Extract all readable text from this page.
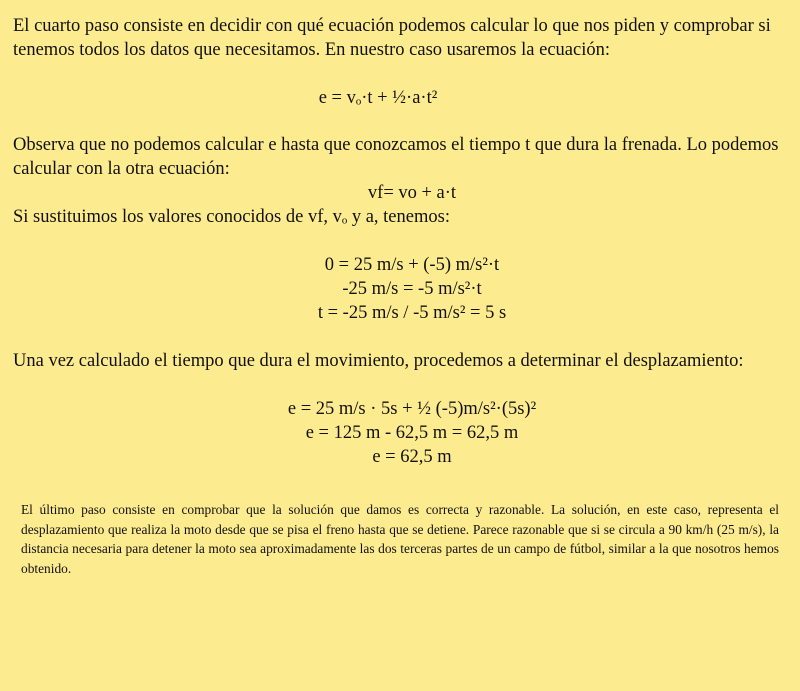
El cuarto paso consiste en decidir con qué ecuación podemos calcular lo que nos piden y comprobar si tenemos todos los datos que necesitamos. En nuestro caso usaremos la ecuación:

e = vₒ·t + ½·a·t²

Observa que no podemos calcular e hasta que conozcamos el tiempo t que dura la frenada. Lo podemos calcular con la otra ecuación:

vf= vo + a·t

Si sustituimos los valores conocidos de vf, vₒ y a, tenemos:

0 = 25 m/s + (-5) m/s²·t

-25 m/s = -5 m/s²·t

t = -25 m/s / -5 m/s² = 5 s

Una vez calculado el tiempo que dura el movimiento, procedemos a determinar el desplazamiento:

e = 25 m/s · 5s + ½ (-5)m/s²·(5s)²

e = 125 m - 62,5 m = 62,5 m

e = 62,5 m

El último paso consiste en comprobar que la solución que damos es correcta y razonable. La solución, en este caso, representa el desplazamiento que realiza la moto desde que se pisa el freno hasta que se detiene. Parece razonable que si se circula a 90 km/h (25 m/s), la distancia necesaria para detener la moto sea aproximadamente las dos terceras partes de un campo de fútbol, similar a la que nosotros hemos obtenido.
